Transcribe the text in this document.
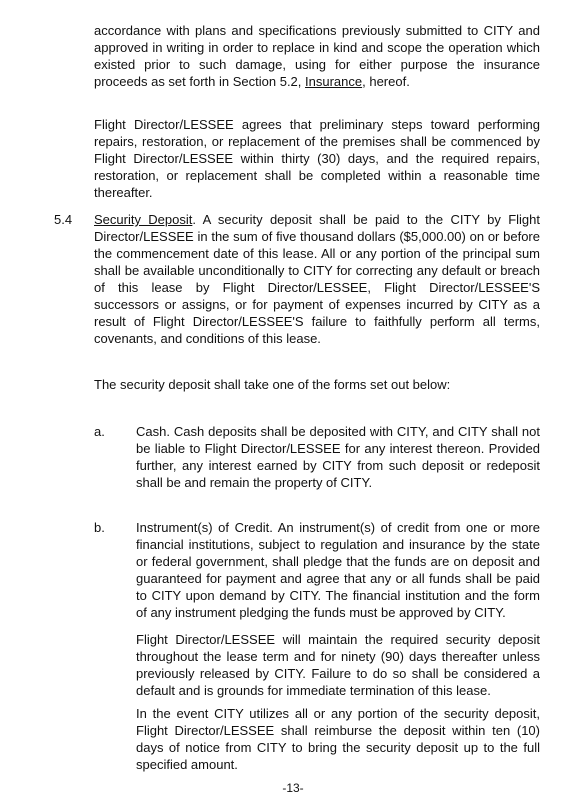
accordance with plans and specifications previously submitted to CITY and approved in writing in order to replace in kind and scope the operation which existed prior to such damage, using for either purpose the insurance proceeds as set forth in Section 5.2, Insurance, hereof.

Flight Director/LESSEE agrees that preliminary steps toward performing repairs, restoration, or replacement of the premises shall be commenced by Flight Director/LESSEE within thirty (30) days, and the required repairs, restoration, or replacement shall be completed within a reasonable time thereafter.

5.4 Security Deposit. A security deposit shall be paid to the CITY by Flight Director/LESSEE in the sum of five thousand dollars ($5,000.00) on or before the commencement date of this lease. All or any portion of the principal sum shall be available unconditionally to CITY for correcting any default or breach of this lease by Flight Director/LESSEE, Flight Director/LESSEE'S successors or assigns, or for payment of expenses incurred by CITY as a result of Flight Director/LESSEE'S failure to faithfully perform all terms, covenants, and conditions of this lease.

The security deposit shall take one of the forms set out below:

a. Cash. Cash deposits shall be deposited with CITY, and CITY shall not be liable to Flight Director/LESSEE for any interest thereon. Provided further, any interest earned by CITY from such deposit or redeposit shall be and remain the property of CITY.

b. Instrument(s) of Credit. An instrument(s) of credit from one or more financial institutions, subject to regulation and insurance by the state or federal government, shall pledge that the funds are on deposit and guaranteed for payment and agree that any or all funds shall be paid to CITY upon demand by CITY. The financial institution and the form of any instrument pledging the funds must be approved by CITY.

Flight Director/LESSEE will maintain the required security deposit throughout the lease term and for ninety (90) days thereafter unless previously released by CITY. Failure to do so shall be considered a default and is grounds for immediate termination of this lease.

In the event CITY utilizes all or any portion of the security deposit, Flight Director/LESSEE shall reimburse the deposit within ten (10) days of notice from CITY to bring the security deposit up to the full specified amount.

-13-
